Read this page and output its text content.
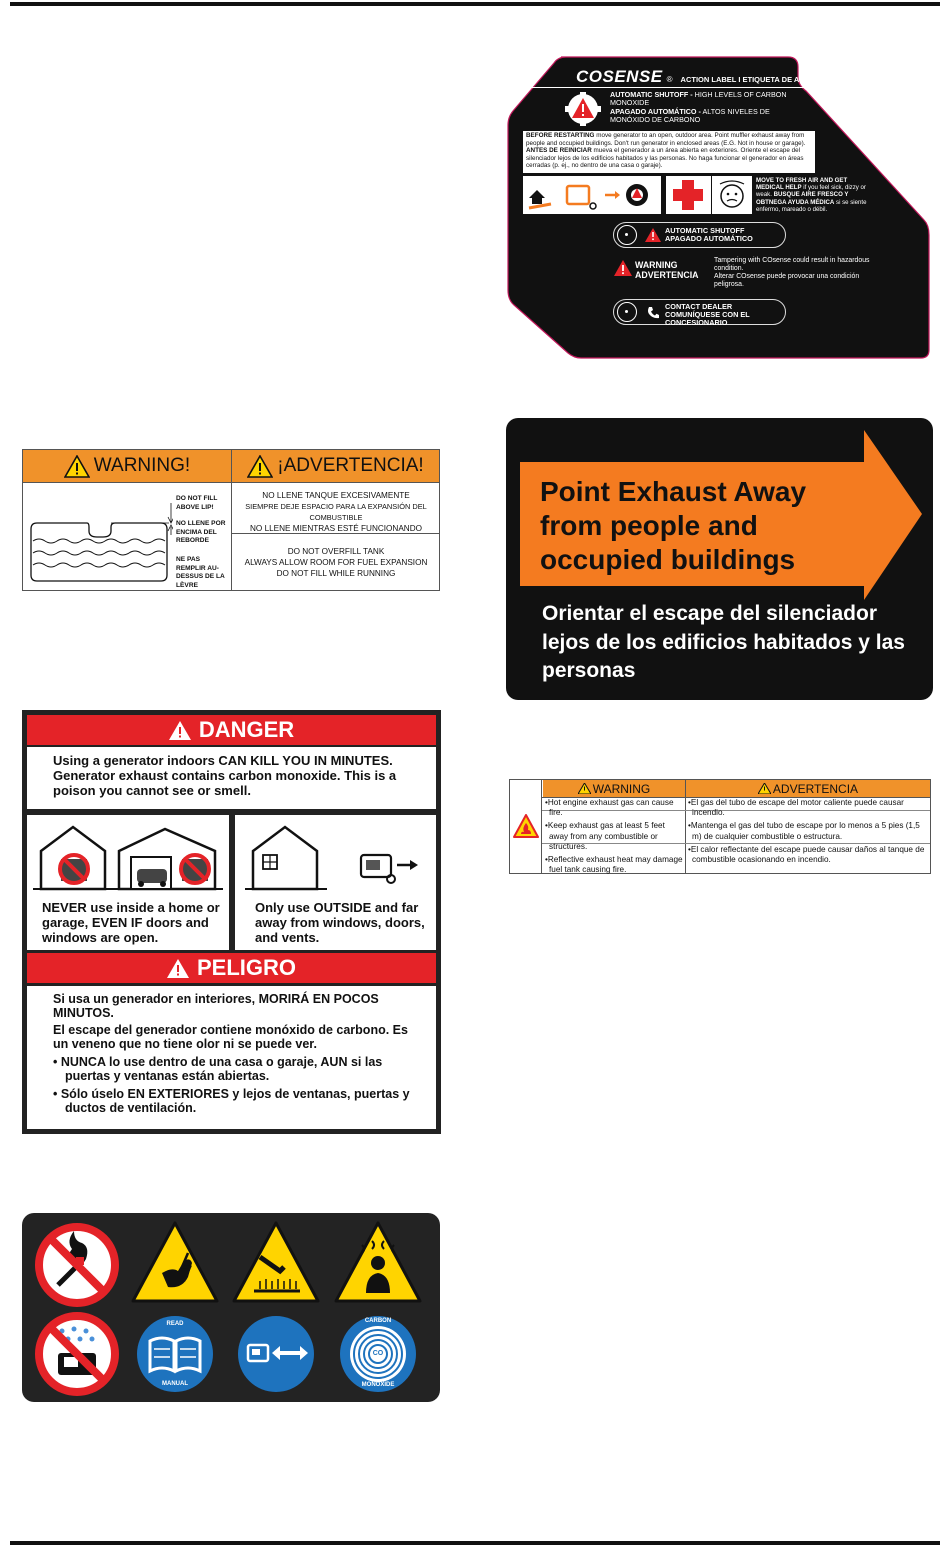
COSENSE ® ACTION LABEL I ETIQUETA DE ACCIÓN
AUTOMATIC SHUTOFF - HIGH LEVELS OF CARBON MONOXIDE
APAGADO AUTOMÁTICO - ALTOS NIVELES DE MONÓXIDO DE CARBONO
BEFORE RESTARTING move generator to an open, outdoor area. Point muffler exhaust away from people and occupied buildings. Don't run generator in enclosed areas (E.G. Not in house or garage). ANTES DE REINICIAR mueva el generador a un área abierta en exteriores. Oriente el escape del silenciador lejos de los edificios habitados y las personas. No haga funcionar el generador en áreas cerradas (p. ej., no dentro de una casa o garaje).
MOVE TO FRESH AIR AND GET MEDICAL HELP if you feel sick, dizzy or weak. BUSQUE AIRE FRESCO Y OBTNEGA AYUDA MÉDICA si se siente enfermo, mareado o débil.
AUTOMATIC SHUTOFF
APAGADO AUTOMÁTICO
WARNING
ADVERTENCIA
Tampering with COsense could result in hazardous condition.
Alterar COsense puede provocar una condición peligrosa.
CONTACT DEALER
COMUNÍQUESE CON EL CONCESIONARIO
WARNING!	¡ADVERTENCIA!
DO NOT FILL ABOVE LIP!
NO LLENE POR ENCIMA DEL REBORDE
NE PAS REMPLIR AU-DESSUS DE LA LÈVRE
NO LLENE TANQUE EXCESIVAMENTE
SIEMPRE DEJE ESPACIO PARA LA EXPANSIÓN DEL COMBUSTIBLE
NO LLENE MIENTRAS ESTÉ FUNCIONANDO
DO NOT OVERFILL TANK
ALWAYS ALLOW ROOM FOR FUEL EXPANSION
DO NOT FILL WHILE RUNNING
DANGER
Using a generator indoors CAN KILL YOU IN MINUTES.
Generator exhaust contains carbon monoxide. This is a poison you cannot see or smell.
NEVER use inside a home or garage, EVEN IF doors and windows are open.
Only use OUTSIDE and far away from windows, doors, and vents.
PELIGRO

Si usa un generador en interiores, MORIRÁ EN POCOS MINUTOS.

El escape del generador contiene monóxido de carbono. Es un veneno que no tiene olor ni se puede ver.

• NUNCA lo use dentro de una casa o garaje, AUN si las puertas y ventanas están abiertas.

• Sólo úselo EN EXTERIORES y lejos de ventanas, puertas y ductos de ventilación.

READ
MANUAL
CARBON
CO
MONOXIDE
Point Exhaust Away from people and occupied buildings
Orientar el escape del silenciador lejos de los edificios habitados y las personas
WARNING	ADVERTENCIA

•Hot engine exhaust gas can cause fire.

•Keep exhaust gas at least 5 feet away from any combustible or structures.

•Reflective exhaust heat may damage fuel tank causing fire.

•El gas del tubo de escape del motor caliente puede causar incendio.

•Mantenga el gas del tubo de escape por lo menos a 5 pies (1,5 m) de cualquier combustible o estructura.

•El calor reflectante del escape puede causar daños al tanque de combustible ocasionando en incendio.
